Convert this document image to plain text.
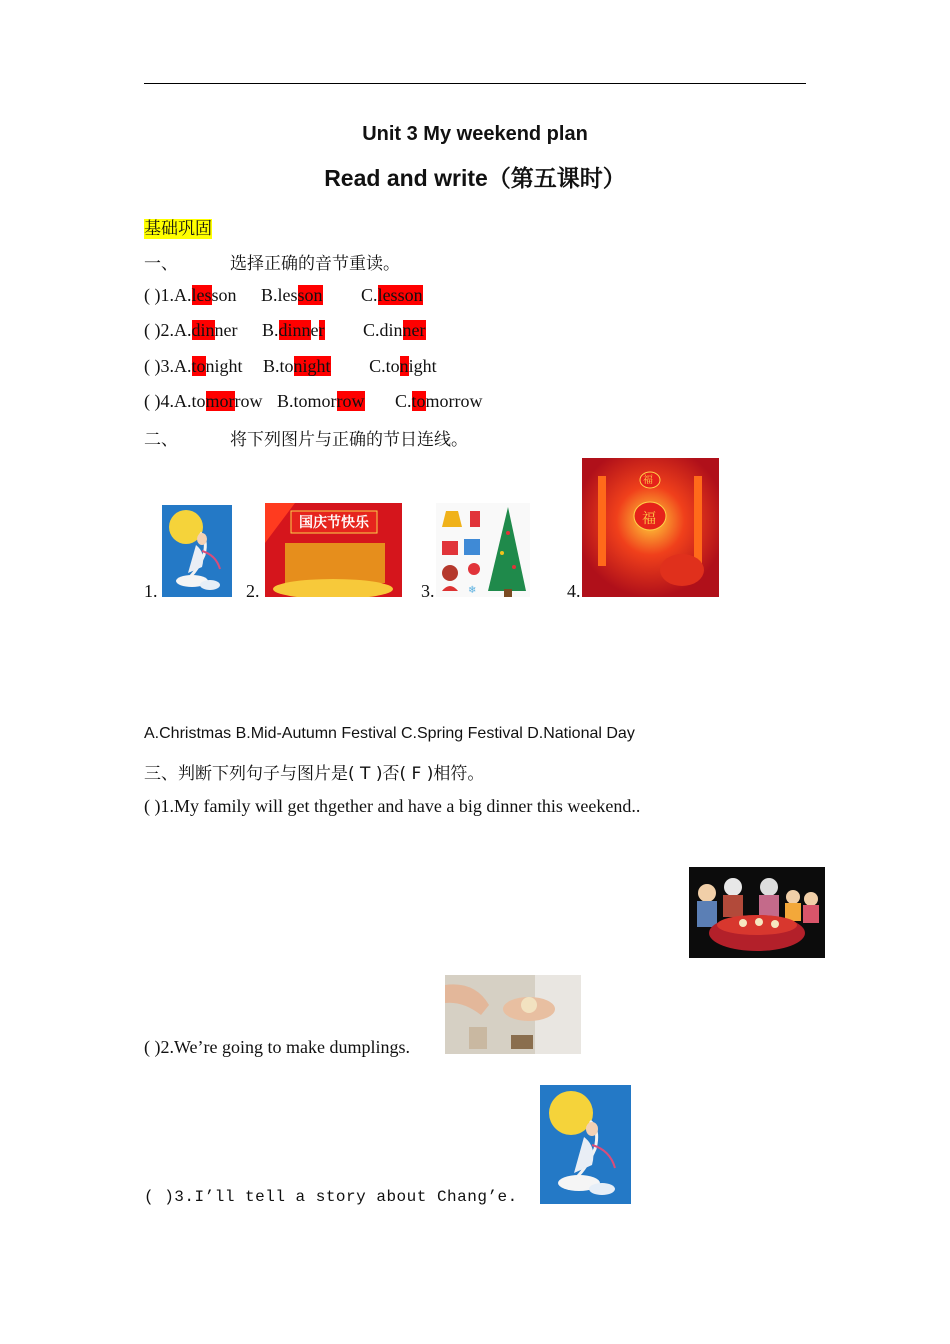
Unit 3 My weekend plan
Read and write（第五课时）
基础巩固
一、	选择正确的音节重读。
( )1.A.lesson B.lesson C.lesson
( )2.A.dinner B.dinner C.dinner
( )3.A.tonight B.tonight C.tonight
( )4.A.tomorrow B.tomorrow C.tomorrow
二、	将下列图片与正确的节日连线。
1.	2.
国庆节快乐
3.	❄	4.
福
福
A.Christmas B.Mid-Autumn Festival C.Spring Festival D.National Day
三、判断下列句子与图片是( T )否( F )相符。
( )1.My family will get thgether and have a big dinner this weekend..
( )2.We’re going to make dumplings.
( )3.I’ll tell a story about Chang’e.
